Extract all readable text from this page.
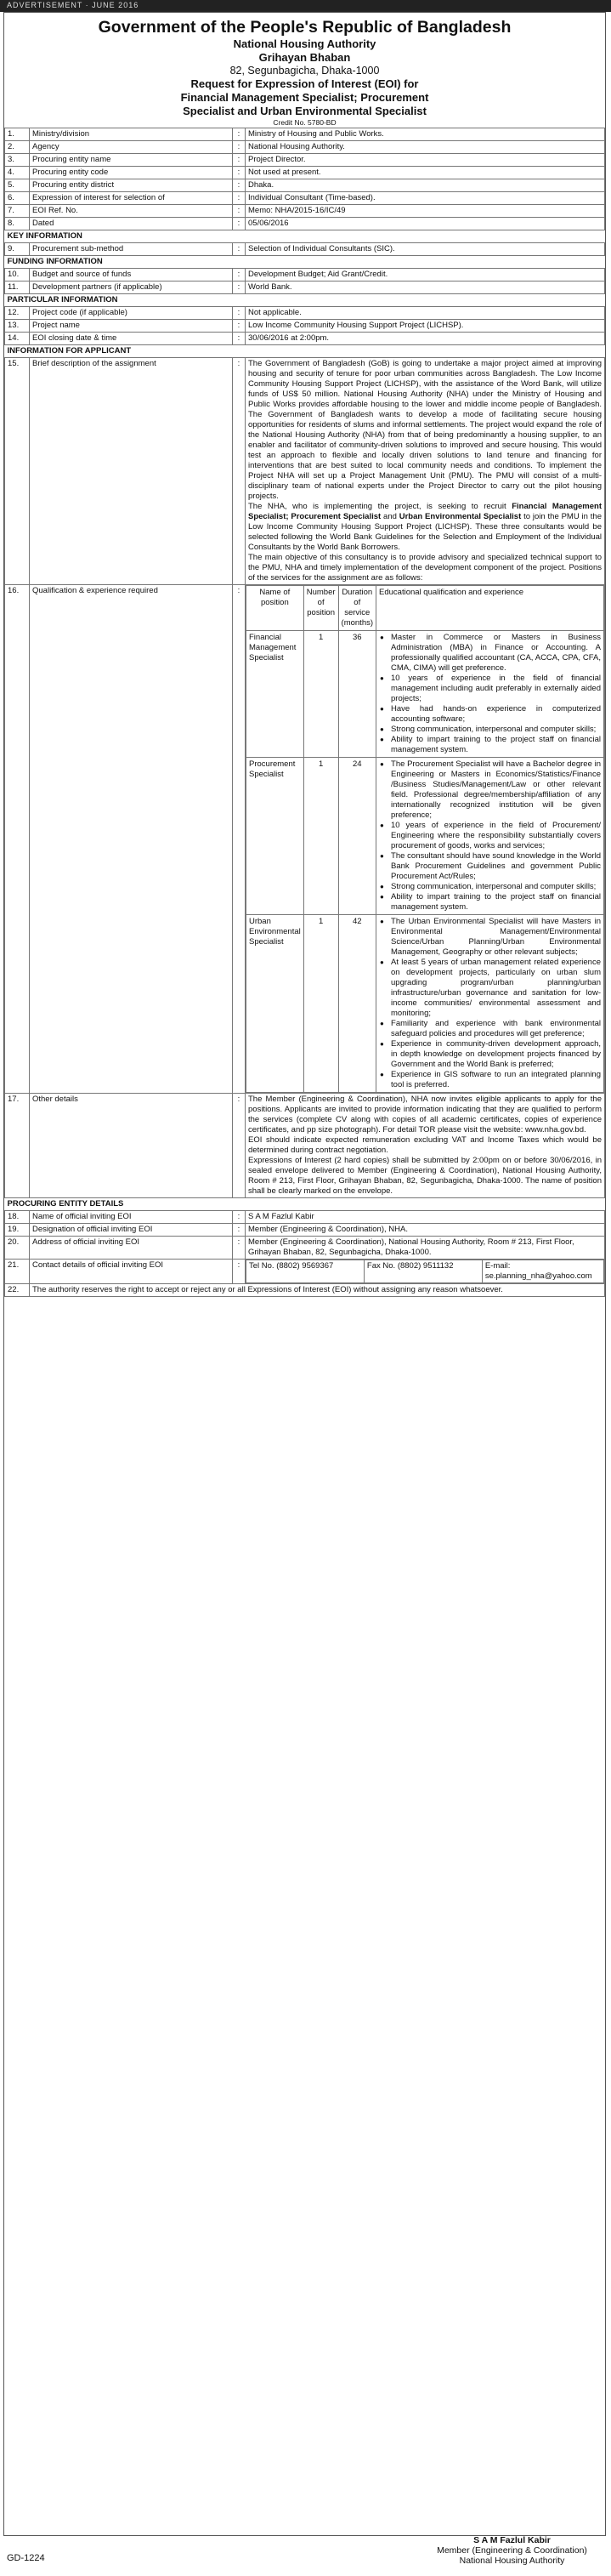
ADVERTISEMENT · JUNE 2016
Government of the People's Republic of Bangladesh
National Housing Authority
Grihayan Bhaban
82, Segunbagicha, Dhaka-1000
Request for Expression of Interest (EOI) for
Financial Management Specialist; Procurement
Specialist and Urban Environmental Specialist
Credit No. 5780-BD
1.	Ministry/division	:	Ministry of Housing and Public Works.
2.	Agency	:	National Housing Authority.
3.	Procuring entity name	:	Project Director.
4.	Procuring entity code	:	Not used at present.
5.	Procuring entity district	:	Dhaka.
6.	Expression of interest for selection of	:	Individual Consultant (Time-based).
7.	EOI Ref. No.	:	Memo: NHA/2015-16/IC/49
8.	Dated	:	05/06/2016
KEY INFORMATION
9.	Procurement sub-method	:	Selection of Individual Consultants (SIC).
FUNDING INFORMATION
10.	Budget and source of funds	:	Development Budget; Aid Grant/Credit.
11.	Development partners (if applicable)	:	World Bank.
PARTICULAR INFORMATION
12.	Project code (if applicable)	:	Not applicable.
13.	Project name	:	Low Income Community Housing Support Project (LICHSP).
14.	EOI closing date & time	:	30/06/2016 at 2:00pm.
INFORMATION FOR APPLICANT
15.	Brief description of the assignment	:	The Government of Bangladesh (GoB) is going to undertake a major project aimed at improving housing and security of tenure for poor urban communities across Bangladesh. The Low Income Community Housing Support Project (LICHSP), with the assistance of the Word Bank, will utilize funds of US$ 50 million. National Housing Authority (NHA) under the Ministry of Housing and Public Works provides affordable housing to the lower and middle income people of Bangladesh. The Government of Bangladesh wants to develop a mode of facilitating secure housing opportunities for residents of slums and informal settlements. The project would expand the role of the National Housing Authority (NHA) from that of being predominantly a housing supplier, to an enabler and facilitator of community-driven solutions to improved and secure housing. This would test an approach to flexible and locally driven solutions to land tenure and financing for interventions that are best suited to local community needs and conditions. To implement the Project NHA will set up a Project Management Unit (PMU). The PMU will consist of a multi-disciplinary team of national experts under the Project Director to carry out the pilot housing projects.

The NHA, who is implementing the project, is seeking to recruit Financial Management Specialist; Procurement Specialist and Urban Environmental Specialist to join the PMU in the Low Income Community Housing Support Project (LICHSP). These three consultants would be selected following the World Bank Guidelines for the Selection and Employment of the Individual Consultants by the World Bank Borrowers.

The main objective of this consultancy is to provide advisory and specialized technical support to the PMU, NHA and timely implementation of the development component of the project. Positions of the services for the assignment are as follows:

16.	Qualification & experience required	:	Name of position	Number of position	Duration of service (months)	Educational qualification and experience
Financial Management Specialist	1	36	
●Master in Commerce or Masters in Business Administration (MBA) in Finance or Accounting. A professionally qualified accountant (CA, ACCA, CPA, CFA, CMA, CIMA) will get preference.
● 10 years of experience in the field of financial management including audit preferably in externally aided projects;
● Have had hands-on experience in computerized accounting software;
● Strong communication, interpersonal and computer skills;
● Ability to impart training to the project staff on financial management system.

Procurement Specialist	1	24	
●The Procurement Specialist will have a Bachelor degree in Engineering or Masters in Economics/Statistics/Finance /Business Studies/Management/Law or other relevant field. Professional degree/membership/affiliation of any internationally recognized institution will be given preference;
● 10 years of experience in the field of Procurement/ Engineering where the responsibility substantially covers procurement of goods, works and services;
● The consultant should have sound knowledge in the World Bank Procurement Guidelines and government Public Procurement Act/Rules;
● Strong communication, interpersonal and computer skills;
● Ability to impart training to the project staff on financial management system.

Urban Environmental Specialist	1	42	
●The Urban Environmental Specialist will have Masters in Environmental Management/Environmental Science/Urban Planning/Urban Environmental Management, Geography or other relevant subjects;
● At least 5 years of urban management related experience on development projects, particularly on urban slum upgrading program/urban planning/urban infrastructure/urban governance and sanitation for low-income communities/ environmental assessment and monitoring;
● Familiarity and experience with bank environmental safeguard policies and procedures will get preference;
● Experience in community-driven development approach, in depth knowledge on development projects financed by Government and the World Bank is preferred;
● Experience in GIS software to run an integrated planning tool is preferred.

17.	Other details	:	The Member (Engineering & Coordination), NHA now invites eligible applicants to apply for the positions. Applicants are invited to provide information indicating that they are qualified to perform the services (complete CV along with copies of all academic certificates, copies of experience certificates, and pp size photograph). For detail TOR please visit the website: www.nha.gov.bd.

EOI should indicate expected remuneration excluding VAT and Income Taxes which would be determined during contract negotiation.

Expressions of Interest (2 hard copies) shall be submitted by 2:00pm on or before 30/06/2016, in sealed envelope delivered to Member (Engineering & Coordination), National Housing Authority, Room # 213, First Floor, Grihayan Bhaban, 82, Segunbagicha, Dhaka-1000. The name of position shall be clearly marked on the envelope.

PROCURING ENTITY DETAILS
18.	Name of official inviting EOI	:	S A M Fazlul Kabir
19.	Designation of official inviting EOI	:	Member (Engineering & Coordination), NHA.
20.	Address of official inviting EOI	:	Member (Engineering & Coordination), National Housing Authority, Room # 213, First Floor, Grihayan Bhaban, 82, Segunbagicha, Dhaka-1000.
21.	Contact details of official inviting EOI	:	Tel No. (8802) 9569367	Fax No. (8802) 9511132	E-mail: se.planning_nha@yahoo.com

22.	The authority reserves the right to accept or reject any or all Expressions of Interest (EOI) without assigning any reason whatsoever.
S A M Fazlul Kabir
Member (Engineering & Coordination)
National Housing Authority
GD-1224
